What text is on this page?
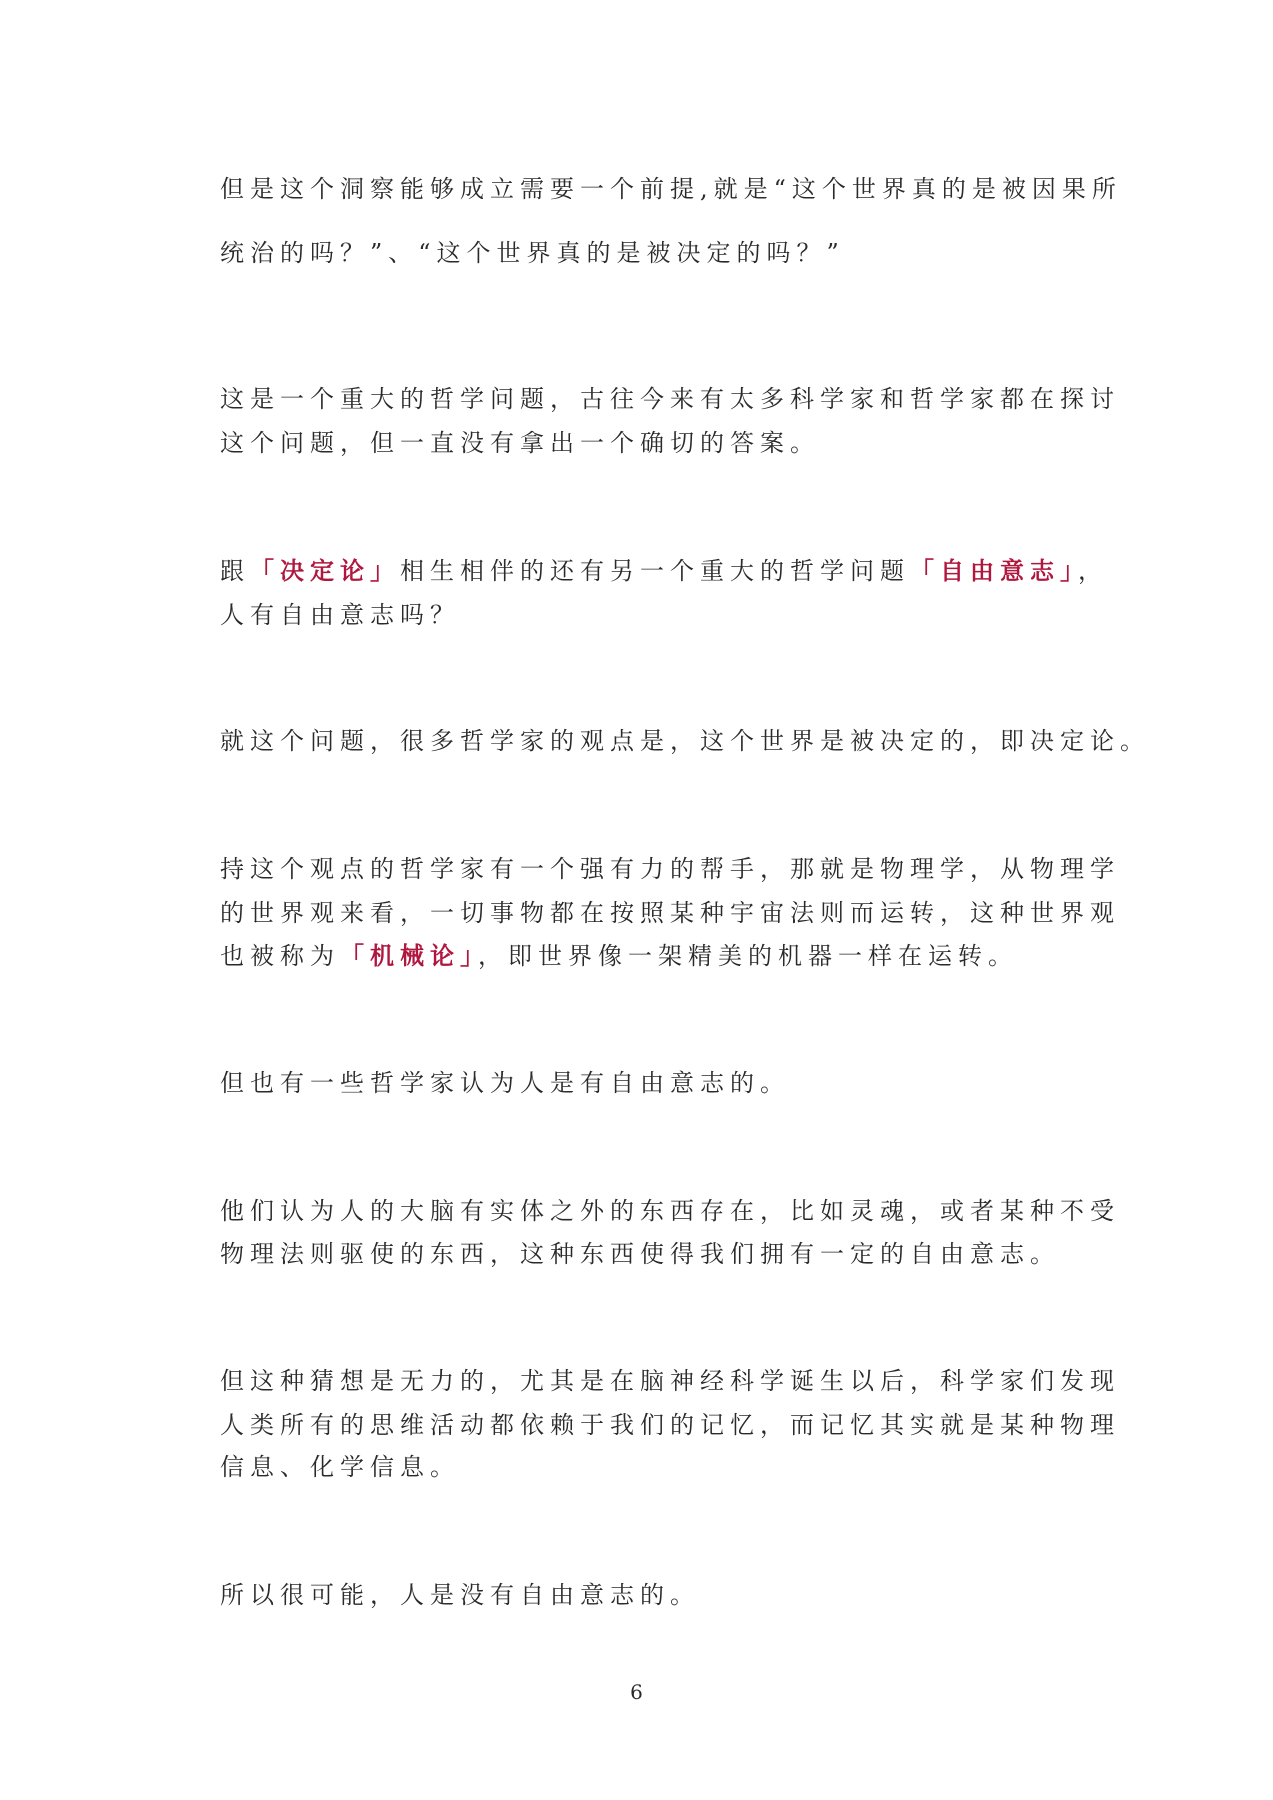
但是这个洞察能够成立需要一个前提,就是“这个世界真的是被因果所
统治的吗？”、“这个世界真的是被决定的吗？”
这是一个重大的哲学问题，古往今来有太多科学家和哲学家都在探讨
这个问题，但一直没有拿出一个确切的答案。
跟「决定论」相生相伴的还有另一个重大的哲学问题「自由意志」，
人有自由意志吗？
就这个问题，很多哲学家的观点是，这个世界是被决定的，即决定论。
持这个观点的哲学家有一个强有力的帮手，那就是物理学，从物理学
的世界观来看，一切事物都在按照某种宇宙法则而运转，这种世界观
也被称为「机械论」，即世界像一架精美的机器一样在运转。
但也有一些哲学家认为人是有自由意志的。
他们认为人的大脑有实体之外的东西存在，比如灵魂，或者某种不受
物理法则驱使的东西，这种东西使得我们拥有一定的自由意志。
但这种猜想是无力的，尤其是在脑神经科学诞生以后，科学家们发现
人类所有的思维活动都依赖于我们的记忆，而记忆其实就是某种物理
信息、化学信息。
所以很可能，人是没有自由意志的。
6
